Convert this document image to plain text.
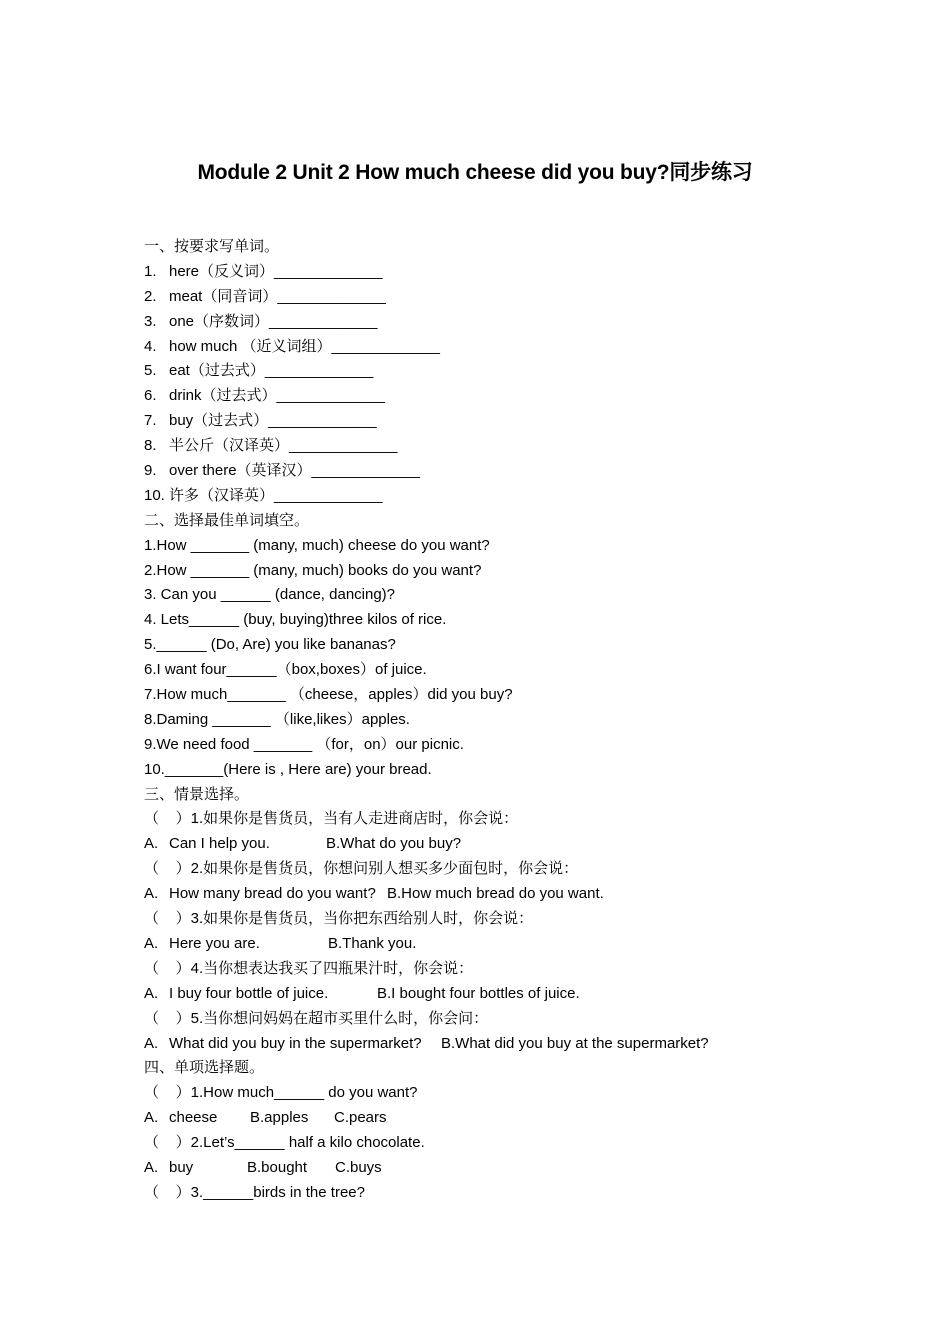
Module 2 Unit 2 How much cheese did you buy?同步练习
一、按要求写单词。
1. here（反义词）_____________
2. meat（同音词）_____________
3. one（序数词）_____________
4. how much （近义词组）_____________
5. eat（过去式）_____________
6. drink（过去式）_____________
7. buy（过去式）_____________
8. 半公斤（汉译英）_____________
9. over there（英译汉）_____________
10. 许多（汉译英）_____________
二、选择最佳单词填空。
1.How _______ (many, much) cheese do you want?
2.How _______ (many, much) books do you want?
3. Can you ______ (dance, dancing)?
4. Lets______ (buy, buying)three kilos of rice.
5.______ (Do, Are) you like bananas?
6.I want four______（box,boxes）of juice.
7.How much_______ （cheese，apples）did you buy?
8.Daming _______ （like,likes）apples.
9.We need food _______ （for，on）our picnic.
10._______(Here is , Here are) your bread.
三、情景选择。
（    ）1.如果你是售货员，当有人走进商店时，你会说：
A. Can I help you.	B.What do you buy?
（    ）2.如果你是售货员，你想问别人想买多少面包时，你会说：
A. How many bread do you want? B.How much bread do you want.
（    ）3.如果你是售货员，当你把东西给别人时，你会说：
A. Here you are.	B.Thank you.
（    ）4.当你想表达我买了四瓶果汁时，你会说：
A. I buy four bottle of juice.	B.I bought four bottles of juice.
（    ）5.当你想问妈妈在超市买里什么时，你会问：
A. What did you buy in the supermarket? B.What did you buy at the supermarket?
四、单项选择题。
（    ）1.How much______ do you want?
A. cheese B.apples C.pears
（    ）2.Let’s______ half a kilo chocolate.
A. buy	B.bought C.buys
（    ）3.______birds in the tree?
